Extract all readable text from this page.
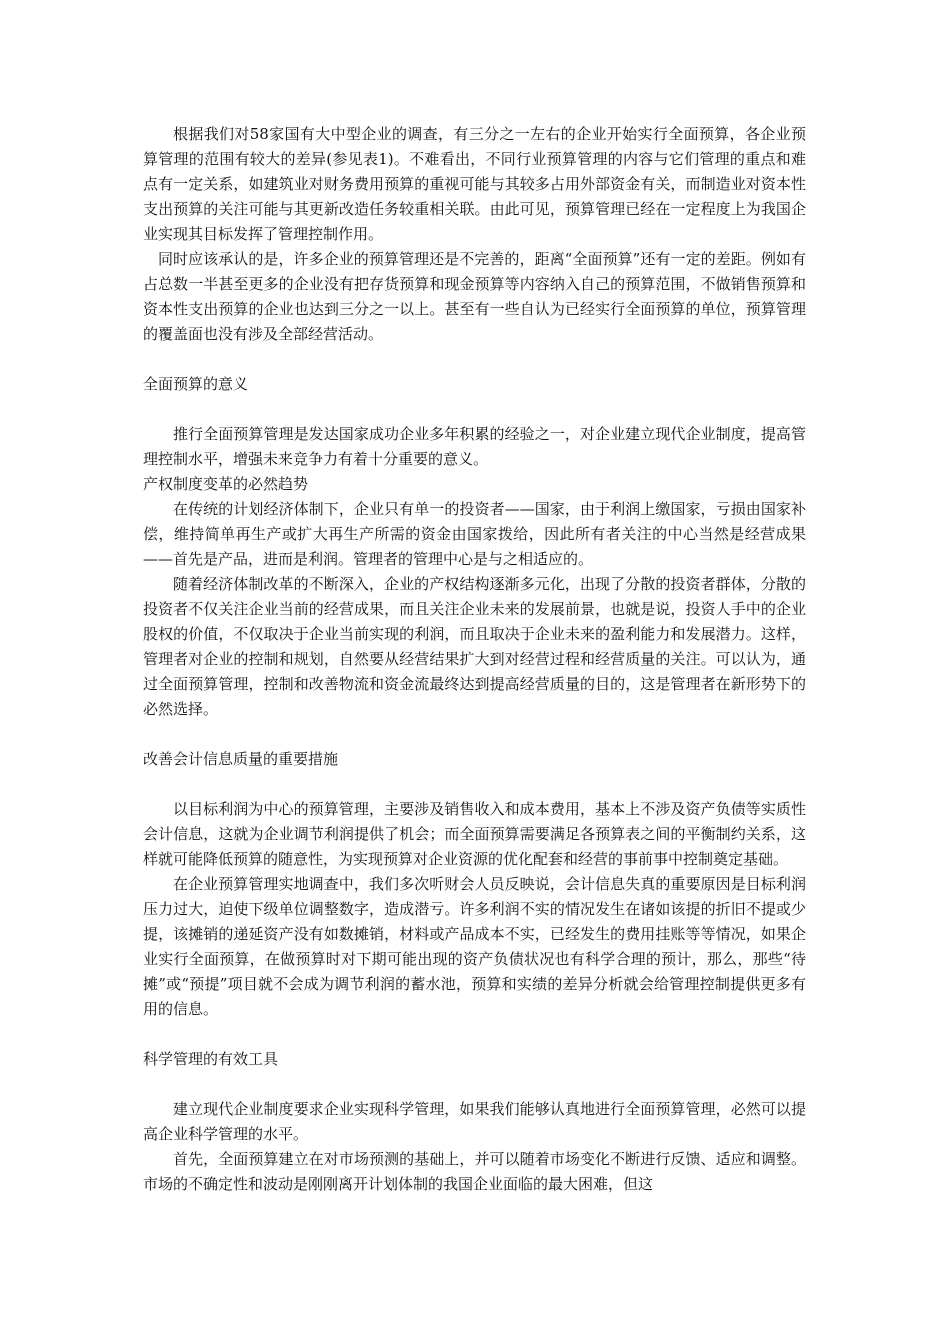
根据我们对58家国有大中型企业的调查，有三分之一左右的企业开始实行全面预算，各企业预算管理的范围有较大的差异(参见表1)。不难看出，不同行业预算管理的内容与它们管理的重点和难点有一定关系，如建筑业对财务费用预算的重视可能与其较多占用外部资金有关，而制造业对资本性支出预算的关注可能与其更新改造任务较重相关联。由此可见，预算管理已经在一定程度上为我国企业实现其目标发挥了管理控制作用。

同时应该承认的是，许多企业的预算管理还是不完善的，距离“全面预算”还有一定的差距。例如有占总数一半甚至更多的企业没有把存货预算和现金预算等内容纳入自己的预算范围，不做销售预算和资本性支出预算的企业也达到三分之一以上。甚至有一些自认为已经实行全面预算的单位，预算管理的覆盖面也没有涉及全部经营活动。

全面预算的意义

推行全面预算管理是发达国家成功企业多年积累的经验之一，对企业建立现代企业制度，提高管理控制水平，增强未来竞争力有着十分重要的意义。

产权制度变革的必然趋势

在传统的计划经济体制下，企业只有单一的投资者——国家，由于利润上缴国家，亏损由国家补偿，维持简单再生产或扩大再生产所需的资金由国家拨给，因此所有者关注的中心当然是经营成果——首先是产品，进而是利润。管理者的管理中心是与之相适应的。

随着经济体制改革的不断深入，企业的产权结构逐渐多元化，出现了分散的投资者群体，分散的投资者不仅关注企业当前的经营成果，而且关注企业未来的发展前景，也就是说，投资人手中的企业股权的价值，不仅取决于企业当前实现的利润，而且取决于企业未来的盈利能力和发展潜力。这样，管理者对企业的控制和规划，自然要从经营结果扩大到对经营过程和经营质量的关注。可以认为，通过全面预算管理，控制和改善物流和资金流最终达到提高经营质量的目的，这是管理者在新形势下的必然选择。

改善会计信息质量的重要措施

以目标利润为中心的预算管理，主要涉及销售收入和成本费用，基本上不涉及资产负债等实质性会计信息，这就为企业调节利润提供了机会；而全面预算需要满足各预算表之间的平衡制约关系，这样就可能降低预算的随意性，为实现预算对企业资源的优化配套和经营的事前事中控制奠定基础。

在企业预算管理实地调查中，我们多次听财会人员反映说，会计信息失真的重要原因是目标利润压力过大，迫使下级单位调整数字，造成潜亏。许多利润不实的情况发生在诸如该提的折旧不提或少提，该摊销的递延资产没有如数摊销，材料或产品成本不实，已经发生的费用挂账等等情况，如果企业实行全面预算，在做预算时对下期可能出现的资产负债状况也有科学合理的预计，那么，那些“待摊”或“预提”项目就不会成为调节利润的蓄水池，预算和实绩的差异分析就会给管理控制提供更多有用的信息。

科学管理的有效工具

建立现代企业制度要求企业实现科学管理，如果我们能够认真地进行全面预算管理，必然可以提高企业科学管理的水平。

首先，全面预算建立在对市场预测的基础上，并可以随着市场变化不断进行反馈、适应和调整。市场的不确定性和波动是刚刚离开计划体制的我国企业面临的最大困难，但这
